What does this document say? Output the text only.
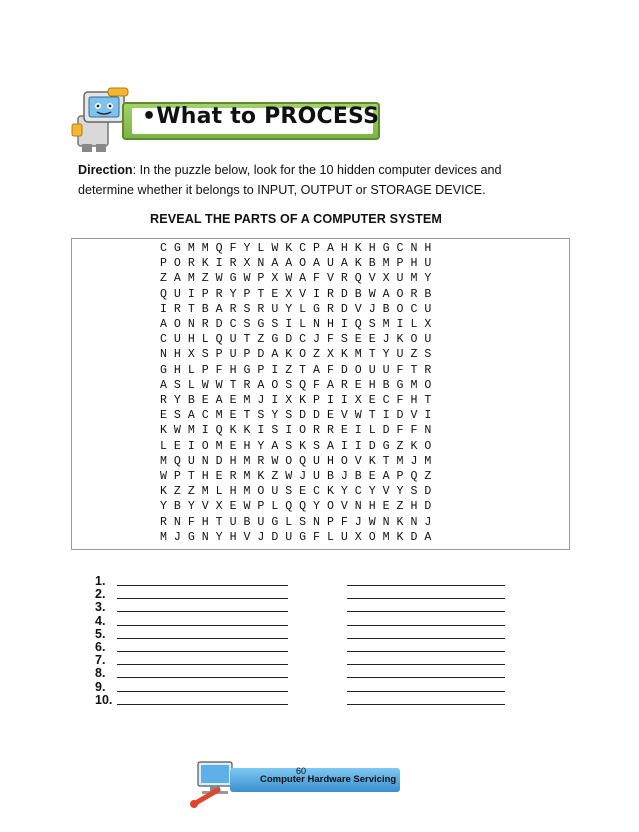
•What to PROCESS
Direction: In the puzzle below, look for the 10 hidden computer devices and
determine whether it belongs to INPUT, OUTPUT or STORAGE DEVICE.
REVEAL THE PARTS OF A COMPUTER SYSTEM
C G M M Q F Y L W K C P A H K H G C N H
P O R K I R X N A A O A U A K B M P H U
Z A M Z W G W P X W A F V R Q V X U M Y
Q U I P R Y P T E X V I R D B W A O R B
I R T B A R S R U Y L G R D V J B O C U
A O N R D C S G S I L N H I Q S M I L X
C U H L Q U T Z G D C J F S E E J K O U
N H X S P U P D A K O Z X K M T Y U Z S
G H L P F H G P I Z T A F D O U U F T R
A S L W W T R A O S Q F A R E H B G M O
R Y B E A E M J I X K P I I X E C F H T
E S A C M E T S Y S D D E V W T I D V I
K W M I Q K K I S I O R R E I L D F F N
L E I O M E H Y A S K S A I I D G Z K O
M Q U N D H M R W O Q U H O V K T M J M
W P T H E R M K Z W J U B J B E A P Q Z
K Z Z M L H M O U S E C K Y C Y V Y S D
Y B Y V X E W P L Q Q Y O V N H E Z H D
R N F H T U B U G L S N P F J W N K N J
M J G N Y H V J D U G F L U X O M K D A
1.
2.
3.
4.
5.
6.
7.
8.
9.
10.
60
Computer Hardware Servicing
